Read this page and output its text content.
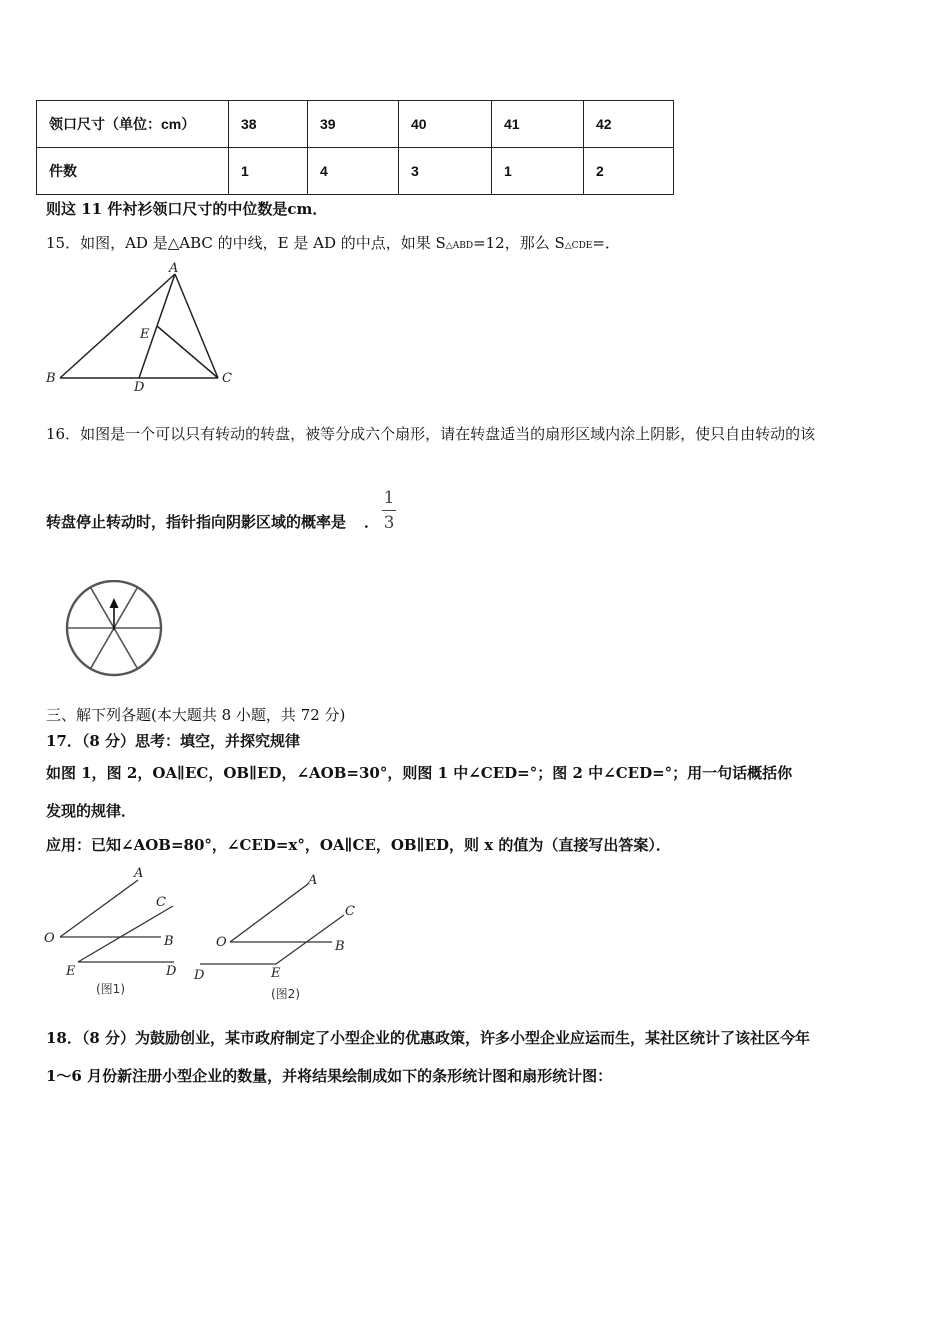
领口尺寸（单位：cm）	38	39	40	41	42
件数	1	4	3	1	2
则这 11 件衬衫领口尺寸的中位数是cm．
15．如图，AD 是△ABC 的中线，E 是 AD 的中点，如果 S△ABD=12，那么 S△CDE=．
A
B	C
D
E
16．如图是一个可以只有转动的转盘，被等分成六个扇形，请在转盘适当的扇形区域内涂上阴影，使只自由转动的该
$\frac{1}{3}$
转盘停止转动时，指针指向阴影区域的概率是 ．
三、解下列各题(本大题共 8 小题，共 72 分)
17．（8 分）思考：填空，并探究规律
如图 1，图 2，OA∥EC，OB∥ED，∠AOB=30°，则图 1 中∠CED=°；图 2 中∠CED=°；用一句话概括你
发现的规律．
应用：已知∠AOB=80°，∠CED=x°，OA∥CE，OB∥ED，则 x 的值为（直接写出答案）．
A
C
O	B
E	D
(图1)
A
C
O	B
D	E
(图2)
18．（8 分）为鼓励创业，某市政府制定了小型企业的优惠政策，许多小型企业应运而生，某社区统计了该社区今年
1～6 月份新注册小型企业的数量，并将结果绘制成如下的条形统计图和扇形统计图：
